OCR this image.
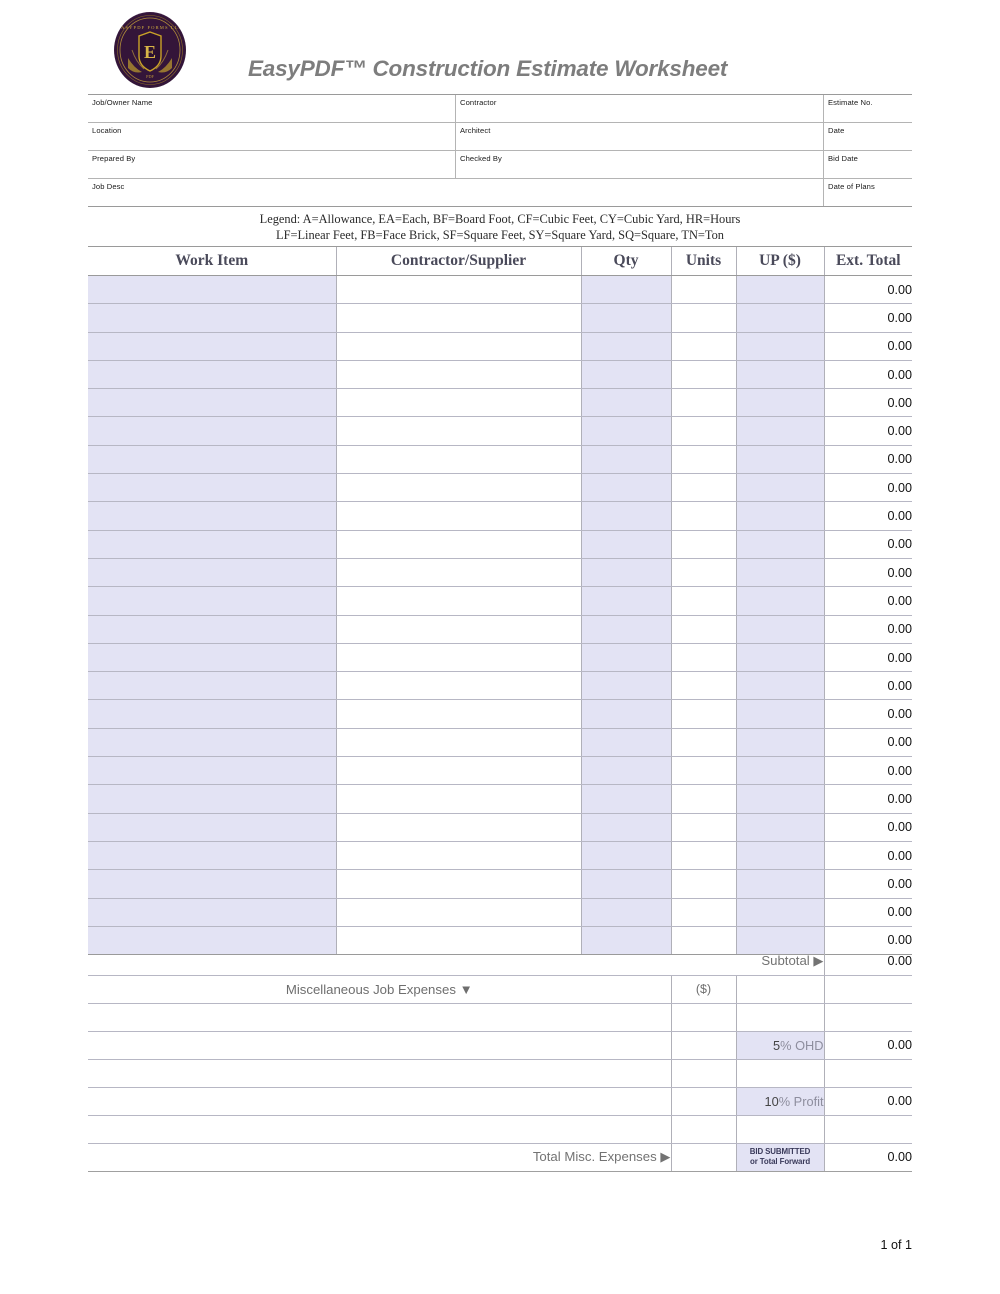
E
EASYPDF FORMS LLC
PDF	EasyPDF™ Construction Estimate Worksheet
Job/Owner Name	Contractor	Estimate No.
Location	Architect	Date
Prepared By	Checked By	Bid Date
Job Desc	Date of Plans
Legend: A=Allowance, EA=Each, BF=Board Foot, CF=Cubic Feet, CY=Cubic Yard, HR=Hours
LF=Linear Feet, FB=Face Brick, SF=Square Feet, SY=Square Yard, SQ=Square, TN=Ton
Work Item	Contractor/Supplier	Qty	Units	UP ($)	Ext. Total
					0.00
					0.00
					0.00
					0.00
					0.00
					0.00
					0.00
					0.00
					0.00
					0.00
					0.00
					0.00
					0.00
					0.00
					0.00
					0.00
					0.00
					0.00
					0.00
					0.00
					0.00
					0.00
					0.00
					0.00
Subtotal ▶			0.00
Miscellaneous Job Expenses ▼	($)		

		5% OHD	0.00

		10% Profit	0.00

Total Misc. Expenses ▶		BID SUBMITTED
or Total Forward	0.00
1 of 1
